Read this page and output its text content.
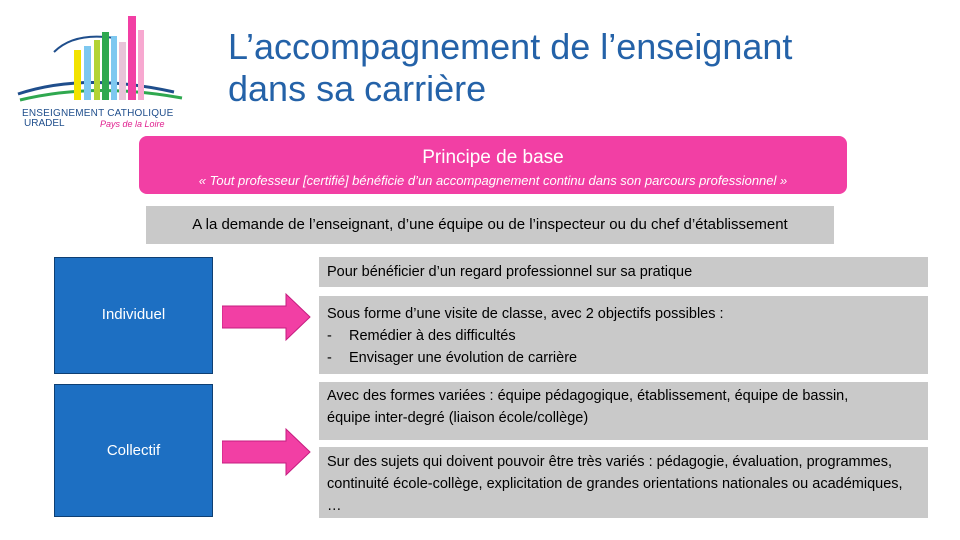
ENSEIGNEMENT CATHOLIQUE
URADEL	Pays de la Loire
L’accompagnement de l’enseignant
dans sa carrière
Principe de base
« Tout professeur [certifié] bénéficie d’un accompagnement continu dans son parcours professionnel »
A la demande de l’enseignant, d’une équipe ou de l’inspecteur ou du chef d’établissement
Individuel
Collectif

Pour bénéficier d’un regard professionnel sur sa pratique

Sous forme d’une visite de classe, avec 2 objectifs possibles :

-	Remédier à des difficultés
-	Envisager une évolution de carrière

Avec des formes variées : équipe pédagogique, établissement, équipe de bassin, équipe inter-degré (liaison école/collège)

Sur des sujets qui doivent pouvoir être très variés : pédagogie, évaluation, programmes, continuité école-collège, explicitation de grandes orientations nationales ou académiques, …
